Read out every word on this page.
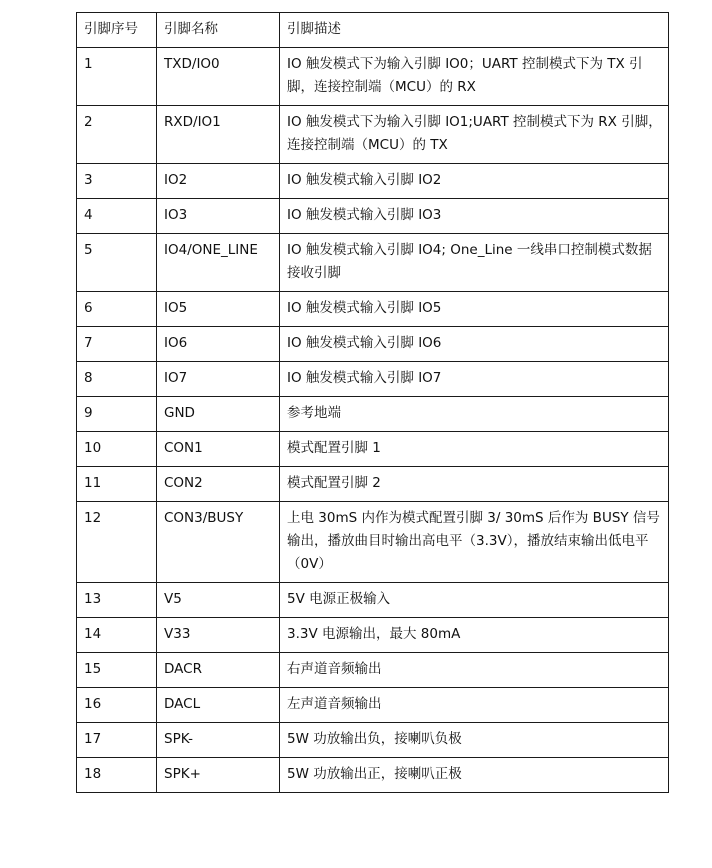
引脚序号	引脚名称	引脚描述
1	TXD/IO0	IO 触发模式下为输入引脚 IO0；UART 控制模式下为 TX 引脚，连接控制端（MCU）的 RX
2	RXD/IO1	IO 触发模式下为输入引脚 IO1;UART 控制模式下为 RX 引脚，连接控制端（MCU）的 TX
3	IO2	IO 触发模式输入引脚 IO2
4	IO3	IO 触发模式输入引脚 IO3
5	IO4/ONE_LINE	IO 触发模式输入引脚 IO4; One_Line 一线串口控制模式数据接收引脚
6	IO5	IO 触发模式输入引脚 IO5
7	IO6	IO 触发模式输入引脚 IO6
8	IO7	IO 触发模式输入引脚 IO7
9	GND	参考地端
10	CON1	模式配置引脚 1
11	CON2	模式配置引脚 2
12	CON3/BUSY	上电 30mS 内作为模式配置引脚 3/ 30mS 后作为 BUSY 信号输出，播放曲目时输出高电平（3.3V），播放结束输出低电平（0V）
13	V5	5V 电源正极输入
14	V33	3.3V 电源输出，最大 80mA
15	DACR	右声道音频输出
16	DACL	左声道音频输出
17	SPK-	5W 功放输出负，接喇叭负极
18	SPK+	5W 功放输出正，接喇叭正极
